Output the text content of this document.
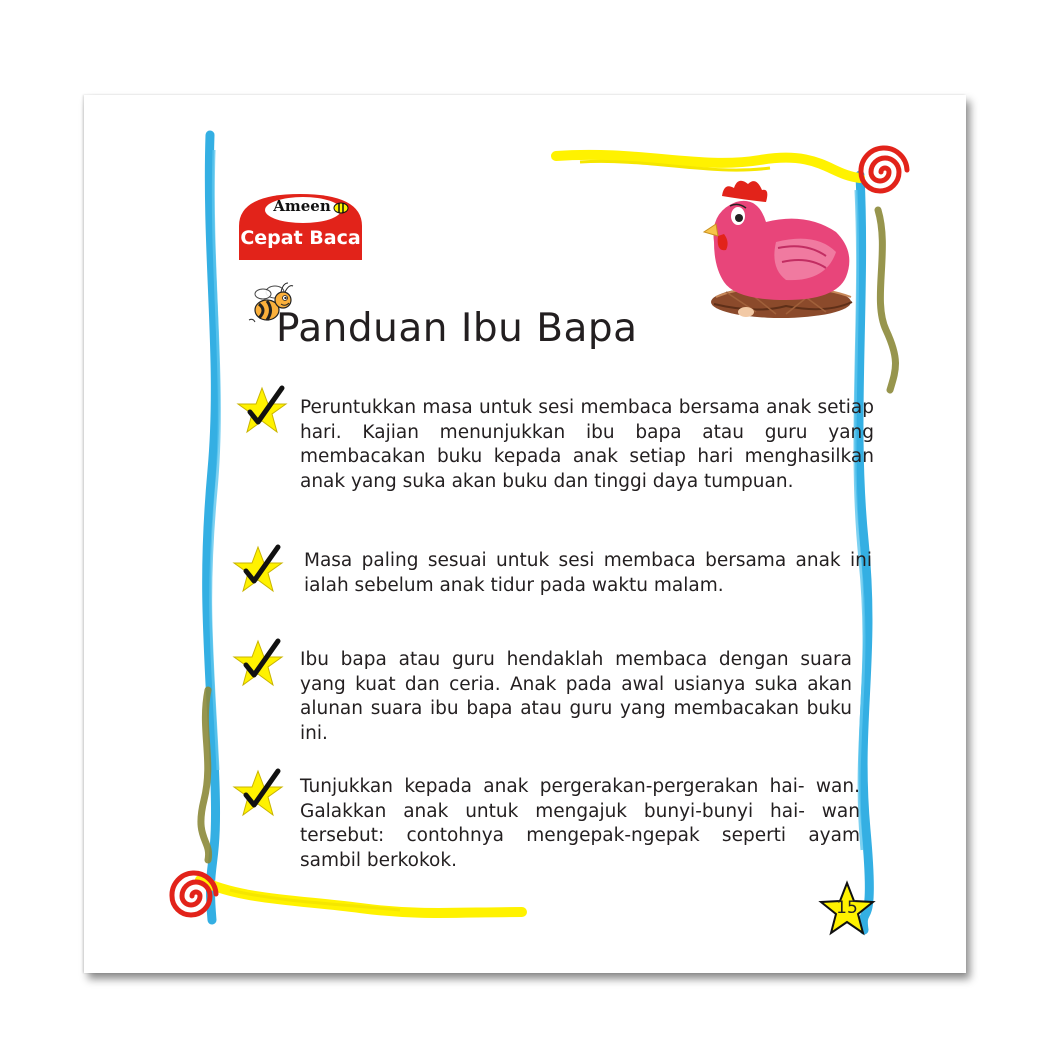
Ameen
Cepat Baca
Panduan Ibu Bapa
Peruntukkan masa untuk sesi membaca bersama anak setiap hari. Kajian menunjukkan ibu bapa atau guru yang membacakan buku kepada anak setiap hari menghasilkan anak yang suka akan buku dan tinggi daya tumpuan.
Masa paling sesuai untuk sesi membaca bersama anak ini ialah sebelum anak tidur pada waktu malam.
Ibu bapa atau guru hendaklah membaca dengan suara yang kuat dan ceria. Anak pada awal usianya suka akan alunan suara ibu bapa atau guru yang membacakan buku ini.
Tunjukkan kepada anak pergerakan-pergerakan hai- wan. Galakkan anak untuk mengajuk bunyi-bunyi hai- wan tersebut: contohnya mengepak-ngepak seperti ayam sambil berkokok.
15
